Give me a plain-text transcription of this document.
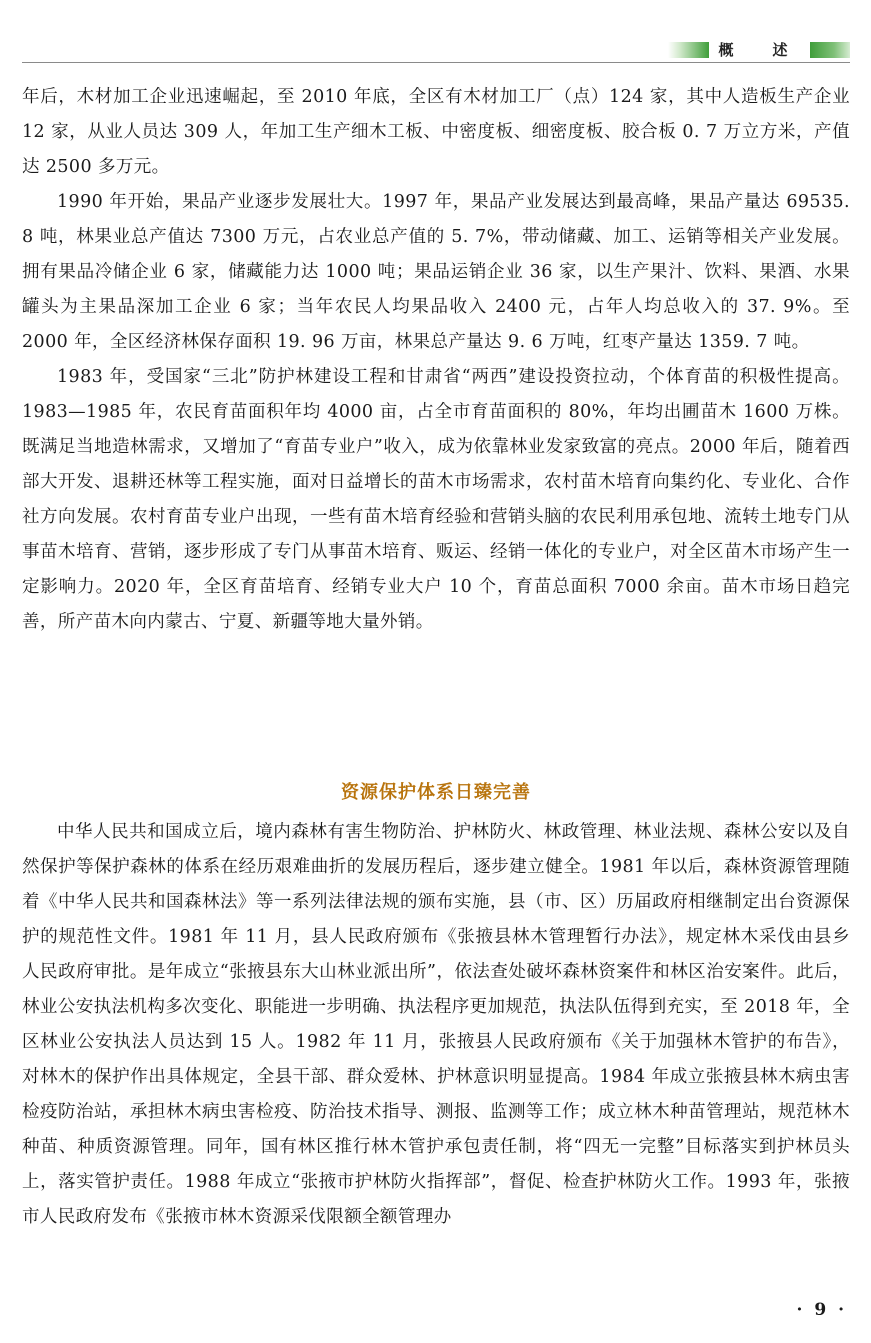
概　述

年后，木材加工企业迅速崛起，至 2010 年底，全区有木材加工厂（点）124 家，其中人造板生产企业 12 家，从业人员达 309 人，年加工生产细木工板、中密度板、细密度板、胶合板 0. 7 万立方米，产值达 2500 多万元。

1990 年开始，果品产业逐步发展壮大。1997 年，果品产业发展达到最高峰，果品产量达 69535. 8 吨，林果业总产值达 7300 万元，占农业总产值的 5. 7%，带动储藏、加工、运销等相关产业发展。拥有果品冷储企业 6 家，储藏能力达 1000 吨；果品运销企业 36 家，以生产果汁、饮料、果酒、水果罐头为主果品深加工企业 6 家；当年农民人均果品收入 2400 元，占年人均总收入的 37. 9%。至 2000 年，全区经济林保存面积 19. 96 万亩，林果总产量达 9. 6 万吨，红枣产量达 1359. 7 吨。

1983 年，受国家“三北”防护林建设工程和甘肃省“两西”建设投资拉动，个体育苗的积极性提高。1983—1985 年，农民育苗面积年均 4000 亩，占全市育苗面积的 80%，年均出圃苗木 1600 万株。既满足当地造林需求，又增加了“育苗专业户”收入，成为依靠林业发家致富的亮点。2000 年后，随着西部大开发、退耕还林等工程实施，面对日益增长的苗木市场需求，农村苗木培育向集约化、专业化、合作社方向发展。农村育苗专业户出现，一些有苗木培育经验和营销头脑的农民利用承包地、流转土地专门从事苗木培育、营销，逐步形成了专门从事苗木培育、贩运、经销一体化的专业户，对全区苗木市场产生一定影响力。2020 年，全区育苗培育、经销专业大户 10 个，育苗总面积 7000 余亩。苗木市场日趋完善，所产苗木向内蒙古、宁夏、新疆等地大量外销。

资源保护体系日臻完善

中华人民共和国成立后，境内森林有害生物防治、护林防火、林政管理、林业法规、森林公安以及自然保护等保护森林的体系在经历艰难曲折的发展历程后，逐步建立健全。1981 年以后，森林资源管理随着《中华人民共和国森林法》等一系列法律法规的颁布实施，县（市、区）历届政府相继制定出台资源保护的规范性文件。1981 年 11 月，县人民政府颁布《张掖县林木管理暂行办法》，规定林木采伐由县乡人民政府审批。是年成立“张掖县东大山林业派出所”，依法查处破坏森林资案件和林区治安案件。此后，林业公安执法机构多次变化、职能进一步明确、执法程序更加规范，执法队伍得到充实，至 2018 年，全区林业公安执法人员达到 15 人。1982 年 11 月，张掖县人民政府颁布《关于加强林木管护的布告》，对林木的保护作出具体规定，全县干部、群众爱林、护林意识明显提高。1984 年成立张掖县林木病虫害检疫防治站，承担林木病虫害检疫、防治技术指导、测报、监测等工作；成立林木种苗管理站，规范林木种苗、种质资源管理。同年，国有林区推行林木管护承包责任制，将“四无一完整”目标落实到护林员头上，落实管护责任。1988 年成立“张掖市护林防火指挥部”，督促、检查护林防火工作。1993 年，张掖市人民政府发布《张掖市林木资源采伐限额全额管理办

· 9 ·
